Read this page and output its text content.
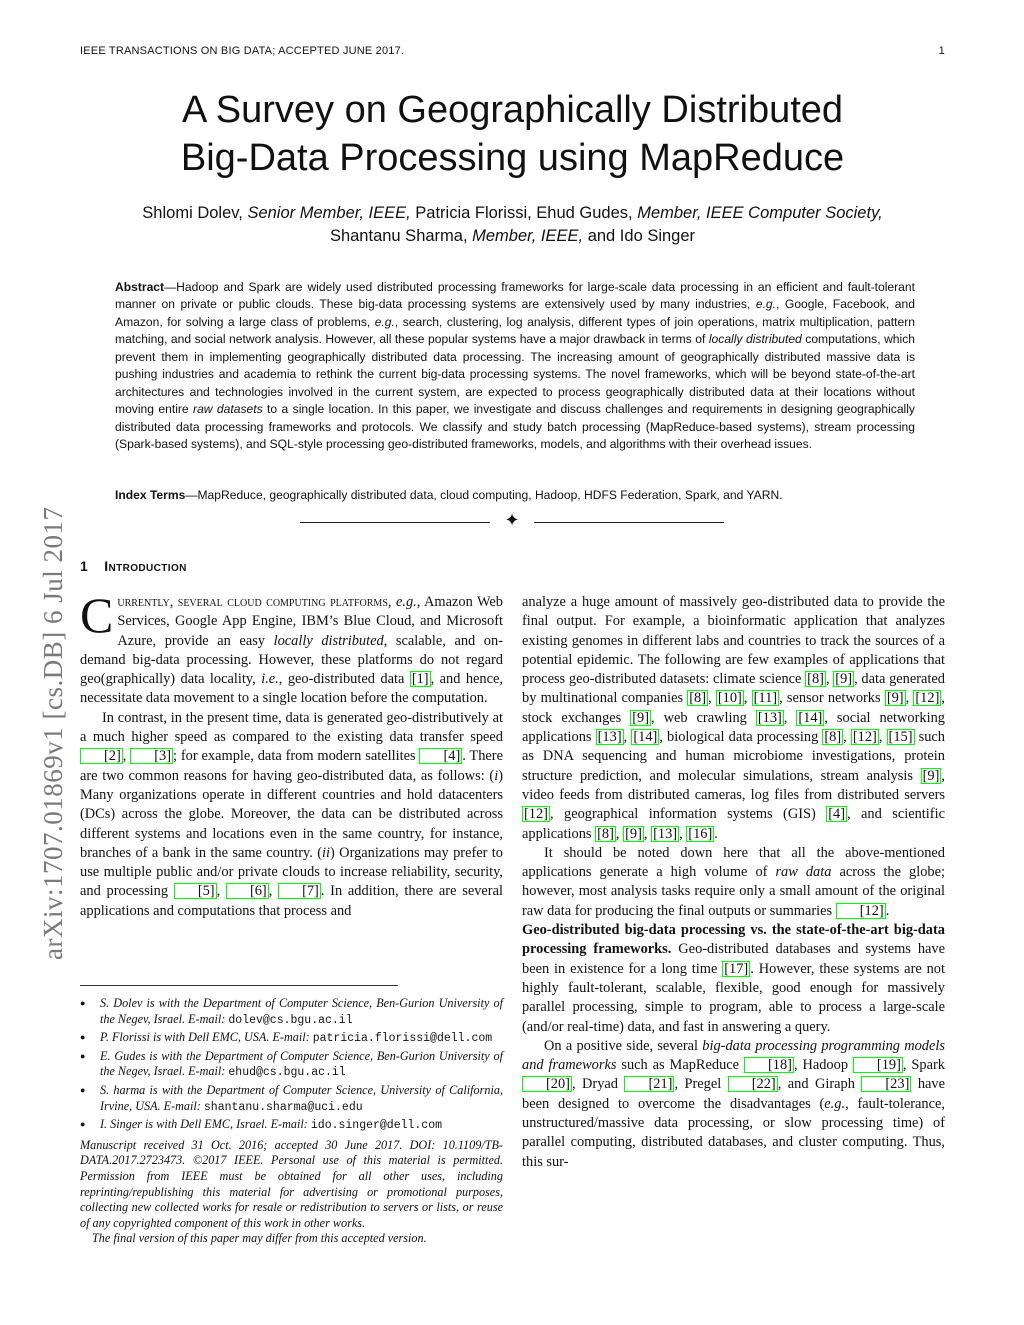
IEEE TRANSACTIONS ON BIG DATA; ACCEPTED JUNE 2017.	1
arXiv:1707.01869v1 [cs.DB] 6 Jul 2017
A Survey on Geographically Distributed
Big-Data Processing using MapReduce
Shlomi Dolev, Senior Member, IEEE, Patricia Florissi, Ehud Gudes, Member, IEEE Computer Society,
Shantanu Sharma, Member, IEEE, and Ido Singer
Abstract—Hadoop and Spark are widely used distributed processing frameworks for large-scale data processing in an efficient and fault-tolerant manner on private or public clouds. These big-data processing systems are extensively used by many industries, e.g., Google, Facebook, and Amazon, for solving a large class of problems, e.g., search, clustering, log analysis, different types of join operations, matrix multiplication, pattern matching, and social network analysis. However, all these popular systems have a major drawback in terms of locally distributed computations, which prevent them in implementing geographically distributed data processing. The increasing amount of geographically distributed massive data is pushing industries and academia to rethink the current big-data processing systems. The novel frameworks, which will be beyond state-of-the-art architectures and technologies involved in the current system, are expected to process geographically distributed data at their locations without moving entire raw datasets to a single location. In this paper, we investigate and discuss challenges and requirements in designing geographically distributed data processing frameworks and protocols. We classify and study batch processing (MapReduce-based systems), stream processing (Spark-based systems), and SQL-style processing geo-distributed frameworks, models, and algorithms with their overhead issues.
Index Terms—MapReduce, geographically distributed data, cloud computing, Hadoop, HDFS Federation, Spark, and YARN.
✦
1 Introduction

Currently, several cloud computing platforms, e.g., Amazon Web Services, Google App Engine, IBM’s Blue Cloud, and Microsoft Azure, provide an easy locally distributed, scalable, and on-demand big-data processing. However, these platforms do not regard geo(graphically) data locality, i.e., geo-distributed data [1] , and hence, necessitate data movement to a single location before the computation.

In contrast, in the present time, data is generated geo-distributively at a much higher speed as compared to the existing data transfer speed [2] , [3] ; for example, data from modern satellites [4] . There are two common reasons for having geo-distributed data, as follows: (i) Many organizations operate in different countries and hold datacenters (DCs) across the globe. Moreover, the data can be distributed across different systems and locations even in the same country, for instance, branches of a bank in the same country. (ii) Organizations may prefer to use multiple public and/or private clouds to increase reliability, security, and processing [5] , [6] , [7] . In addition, there are several applications and computations that process and

● S. Dolev is with the Department of Computer Science, Ben-Gurion University of the Negev, Israel. E-mail: dolev@cs.bgu.ac.il
● P. Florissi is with Dell EMC, USA. E-mail: patricia.florissi@dell.com
● E. Gudes is with the Department of Computer Science, Ben-Gurion University of the Negev, Israel. E-mail: ehud@cs.bgu.ac.il
● S. harma is with the Department of Computer Science, University of California, Irvine, USA. E-mail: shantanu.sharma@uci.edu
● I. Singer is with Dell EMC, Israel. E-mail: ido.singer@dell.com
Manuscript received 31 Oct. 2016; accepted 30 June 2017. DOI: 10.1109/TB-DATA.2017.2723473. ©2017 IEEE. Personal use of this material is permitted. Permission from IEEE must be obtained for all other uses, including reprinting/republishing this material for advertising or promotional purposes, collecting new collected works for resale or redistribution to servers or lists, or reuse of any copyrighted component of this work in other works.
The final version of this paper may differ from this accepted version.

analyze a huge amount of massively geo-distributed data to provide the final output. For example, a bioinformatic application that analyzes existing genomes in different labs and countries to track the sources of a potential epidemic. The following are few examples of applications that process geo-distributed datasets: climate science [8] , [9] , data generated by multinational companies [8] , [10] , [11] , sensor networks [9] , [12] , stock exchanges [9] , web crawling [13] , [14] , social networking applications [13] , [14] , biological data processing [8] , [12] , [15] such as DNA sequencing and human microbiome investigations, protein structure prediction, and molecular simulations, stream analysis [9] , video feeds from distributed cameras, log files from distributed servers [12] , geographical information systems (GIS) [4] , and scientific applications [8] , [9] , [13] , [16] .

It should be noted down here that all the above-mentioned applications generate a high volume of raw data across the globe; however, most analysis tasks require only a small amount of the original raw data for producing the final outputs or summaries [12] .

Geo-distributed big-data processing vs. the state-of-the-art big-data processing frameworks. Geo-distributed databases and systems have been in existence for a long time [17] . However, these systems are not highly fault-tolerant, scalable, flexible, good enough for massively parallel processing, simple to program, able to process a large-scale (and/or real-time) data, and fast in answering a query.

On a positive side, several big-data processing programming models and frameworks such as MapReduce [18] , Hadoop [19] , Spark [20] , Dryad [21] , Pregel [22] , and Giraph [23] have been designed to overcome the disadvantages (e.g., fault-tolerance, unstructured/massive data processing, or slow processing time) of parallel computing, distributed databases, and cluster computing. Thus, this sur-
